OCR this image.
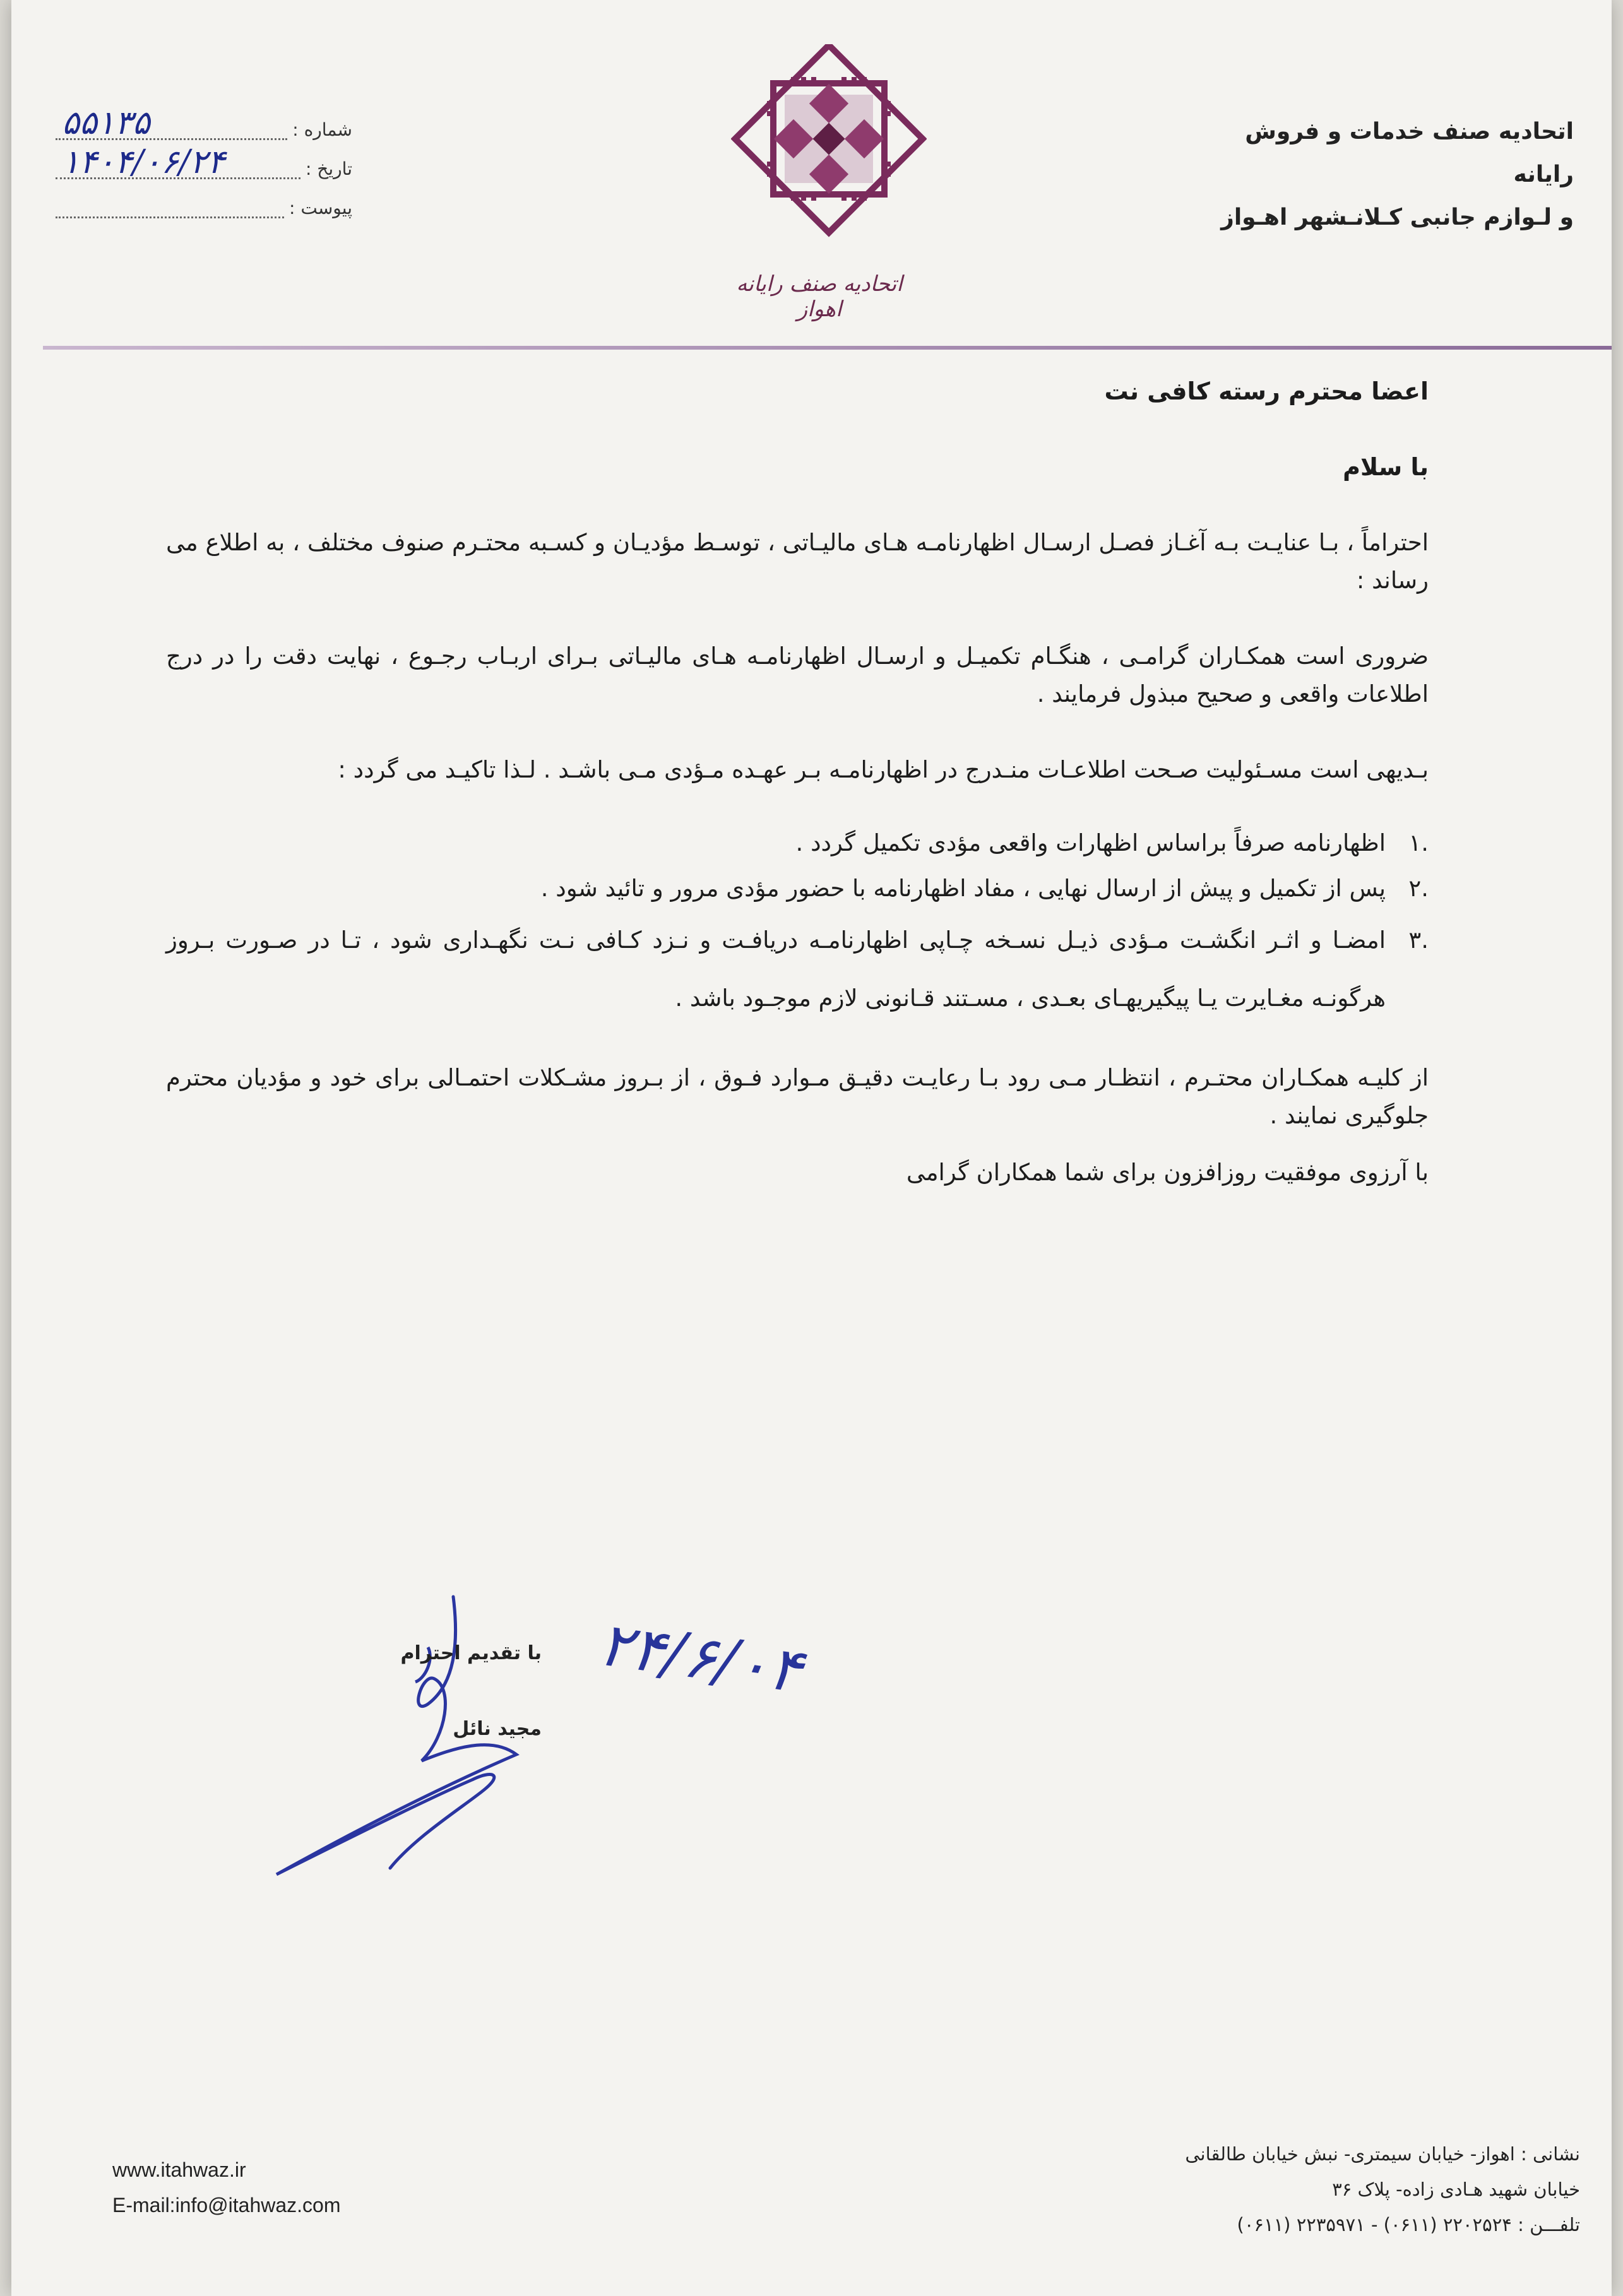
اتحادیه صنف خدمات و فروش رایانه
و لـوازم جانبی کـلانـشهر اهـواز
اتحادیه صنف رایانه اهواز
شماره :
۵۵۱۳۵
تاریخ :
۱۴۰۴/۰۶/۲۴
پیوست :
اعضا محترم رسته کافی نت
با سلام

احتراماً ، بـا عنایـت بـه آغـاز فصـل ارسـال اظهارنامـه هـای مالیـاتی ، توسـط مؤدیـان و کسـبه محتـرم صنوف مختلف ، به اطلاع می رساند :

ضروری است همکـاران گرامـی ، هنگـام تکمیـل و ارسـال اظهارنامـه هـای مالیـاتی بـرای اربـاب رجـوع ، نهایت دقت را در درج اطلاعات واقعی و صحیح مبذول فرمایند .

بـدیهی است مسـئولیت صـحت اطلاعـات منـدرج در اظهارنامـه بـر عهـده مـؤدی مـی باشـد . لـذا تاکیـد می گردد :

.۱
اظهارنامه صرفاً براساس اظهارات واقعی مؤدی تکمیل گردد .
.۲
پس از تکمیل و پیش از ارسال نهایی ، مفاد اظهارنامه با حضور مؤدی مرور و تائید شود .
.۳
امضـا و اثـر انگشـت مـؤدی ذیـل نسـخه چـاپی اظهارنامـه دریافـت و نـزد کـافی نـت نگهـداری شود ، تـا در صـورت بـروز هرگونـه مغـایرت یـا پیگیریهـای بعـدی ، مسـتند قـانونی لازم موجـود باشد .

از کلیـه همکـاران محتـرم ، انتظـار مـی رود بـا رعایـت دقیـق مـوارد فـوق ، از بـروز مشـکلات احتمـالی برای خود و مؤدیان محترم جلوگیری نمایند .

با آرزوی موفقیت روزافزون برای شما همکاران گرامی

با تقدیم احترام
مجید نائل
۲۴/۶/۰۴
www.itahwaz.ir
E-mail:info@itahwaz.com
نشانی : اهواز- خیابان سیمتری- نبش خیابان طالقانی
خیابان شهید هـادی زاده- پلاک ۳۶
تلفـــن : ۲۲۰۲۵۲۴ (۰۶۱۱) - ۲۲۳۵۹۷۱ (۰۶۱۱)
